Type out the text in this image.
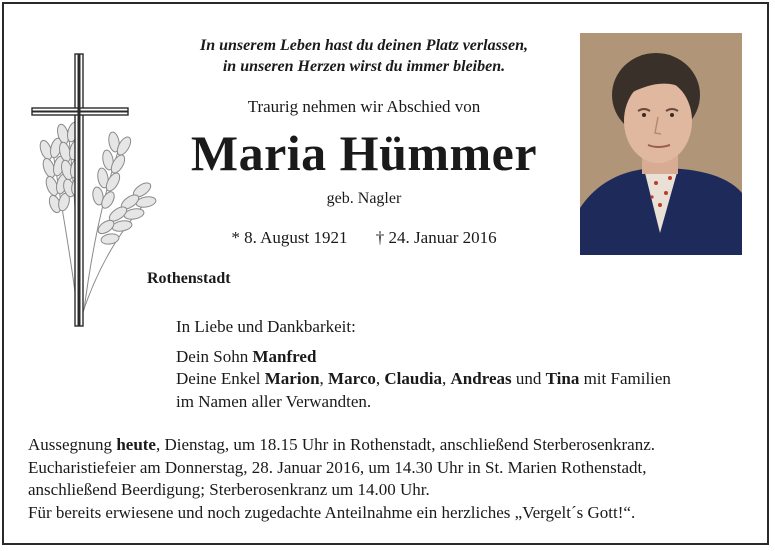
In unserem Leben hast du deinen Platz verlassen,
in unseren Herzen wirst du immer bleiben.
Traurig nehmen wir Abschied von
Maria Hümmer
geb. Nagler
* 8. August 1921 † 24. Januar 2016
Rothenstadt

In Liebe und Dankbarkeit:

Dein Sohn Manfred

Deine Enkel Marion, Marco, Claudia, Andreas und Tina mit Familien

im Namen aller Verwandten.

Aussegnung heute, Dienstag, um 18.15 Uhr in Rothenstadt, anschließend Sterberosenkranz.

Eucharistiefeier am Donnerstag, 28. Januar 2016, um 14.30 Uhr in St. Marien Rothenstadt,

anschließend Beerdigung; Sterberosenkranz um 14.00 Uhr.

Für bereits erwiesene und noch zugedachte Anteilnahme ein herzliches „Vergelt´s Gott!“.
